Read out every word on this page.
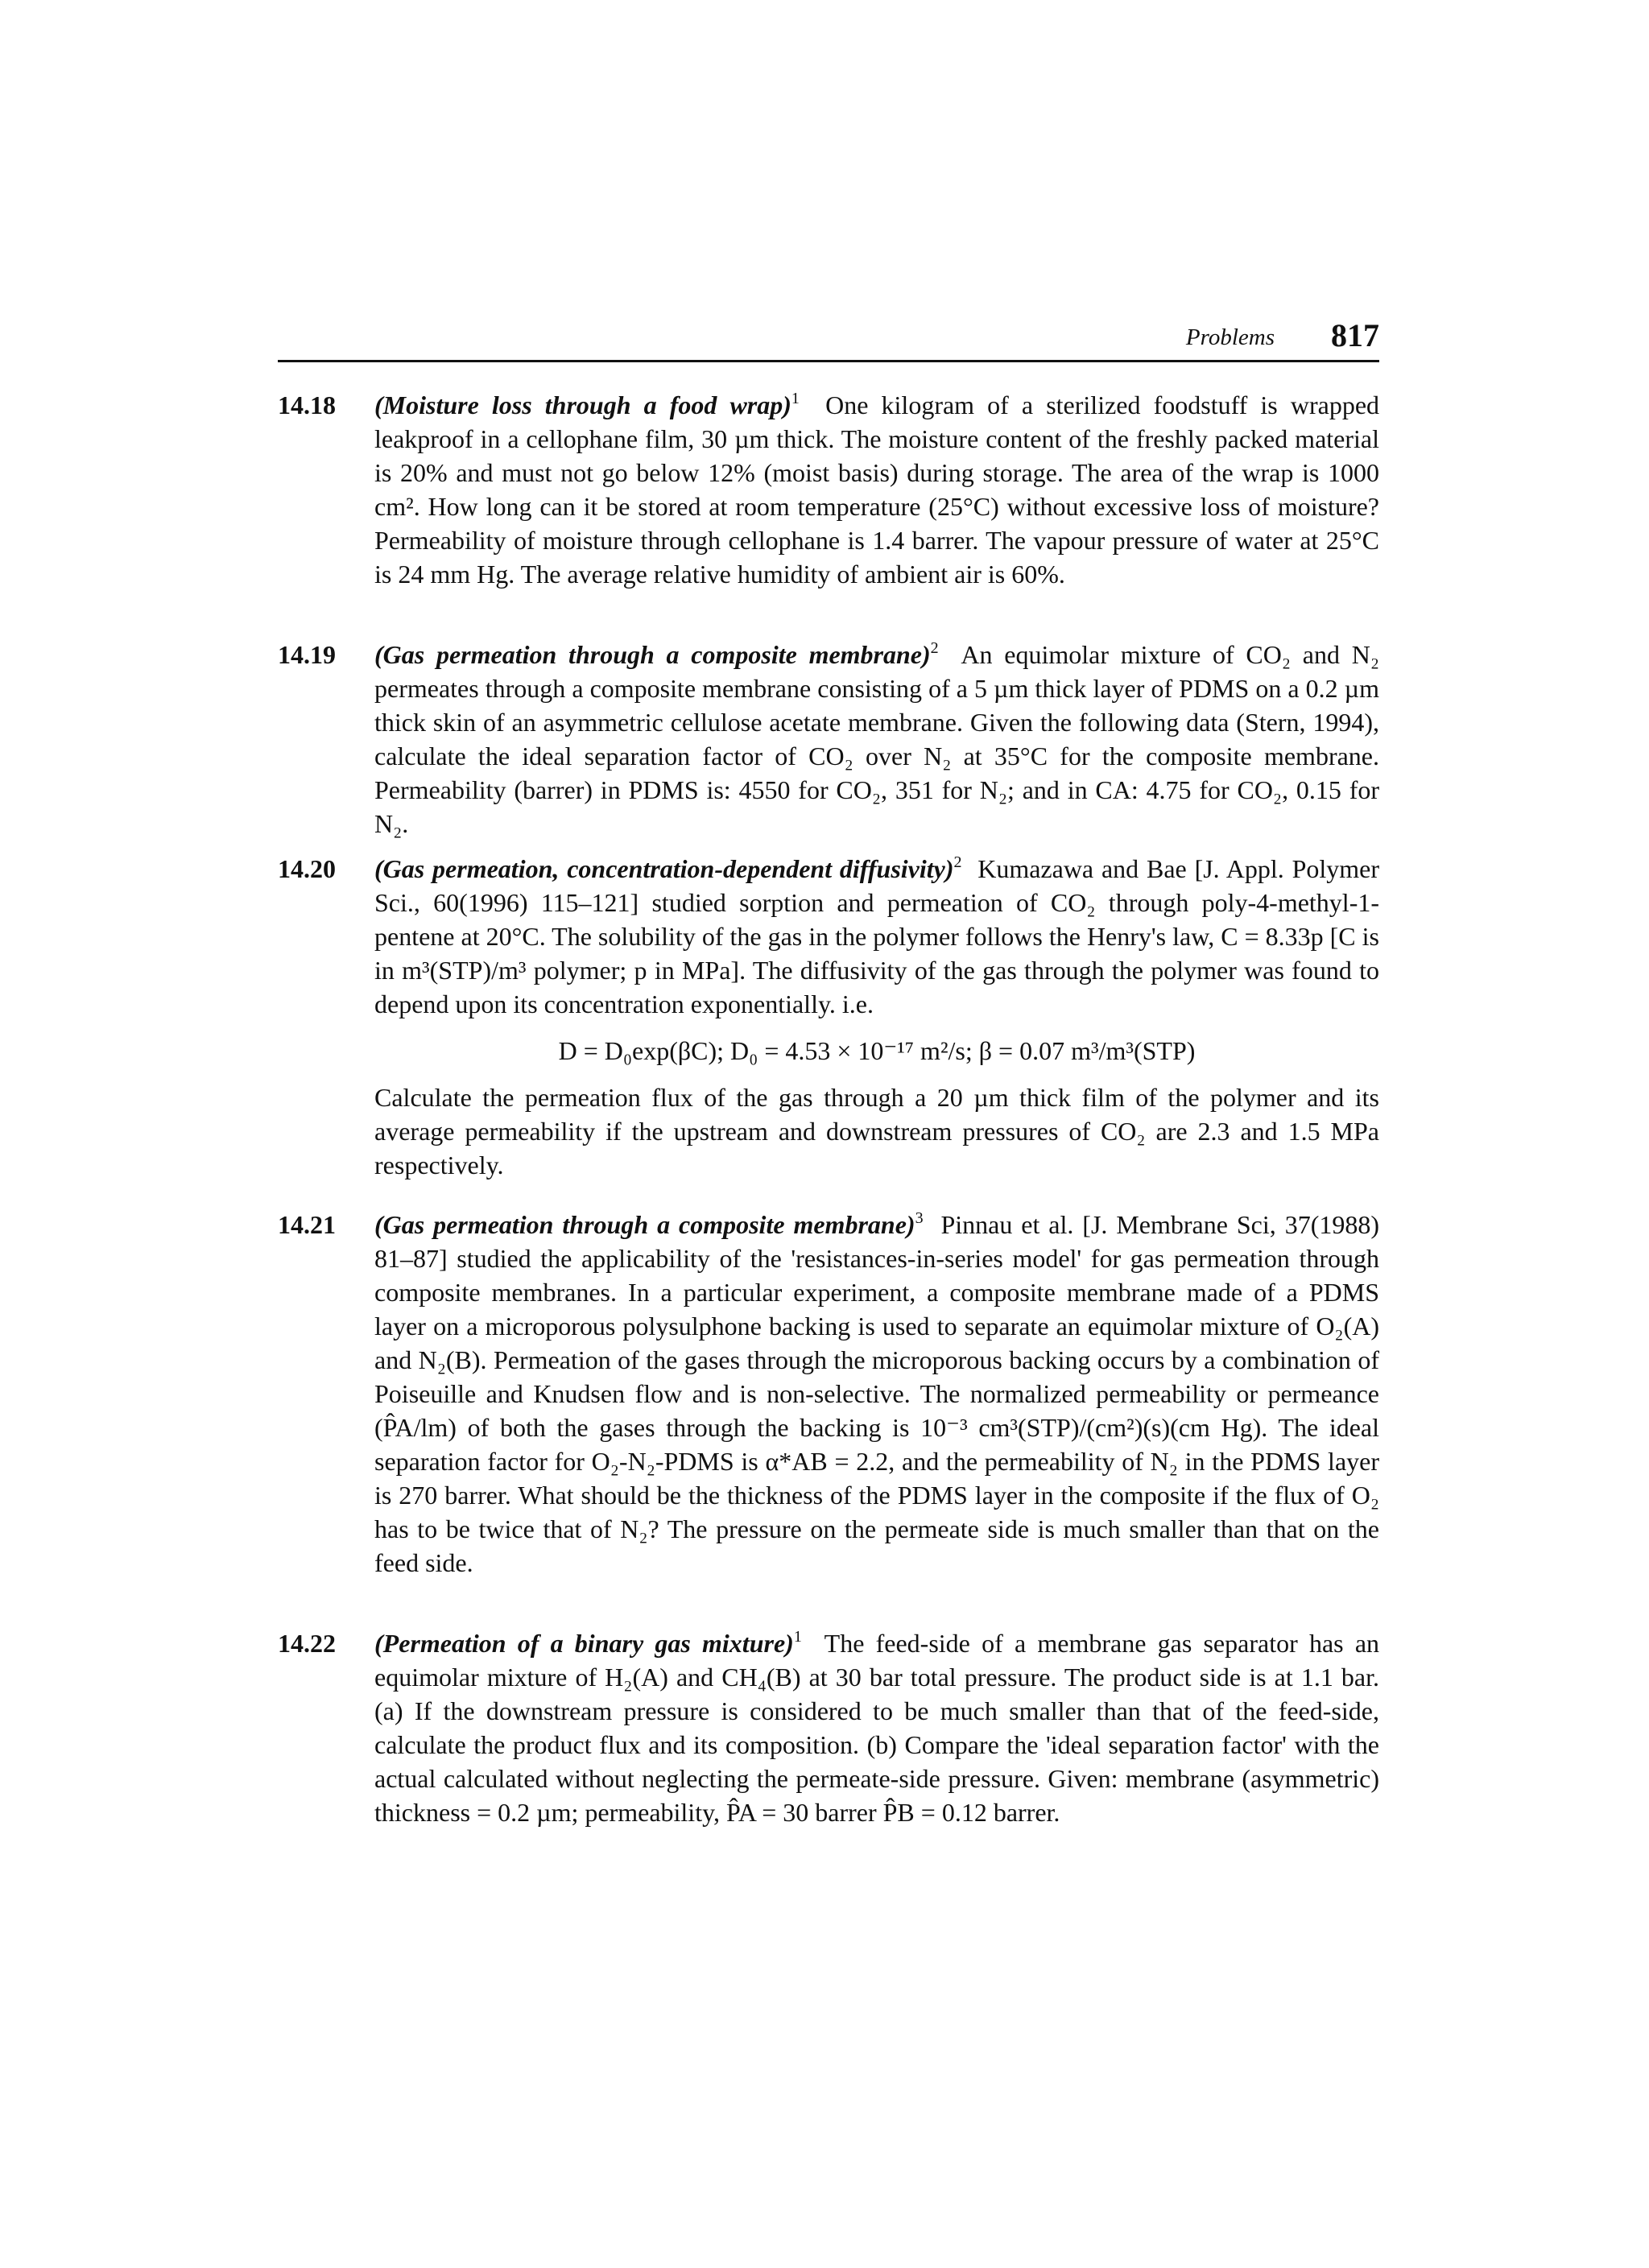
Problems 817
14.18 (Moisture loss through a food wrap)$^1$ One kilogram of a sterilized foodstuff is wrapped leakproof in a cellophane film, 30 µm thick. The moisture content of the freshly packed material is 20% and must not go below 12% (moist basis) during storage. The area of the wrap is 1000 cm². How long can it be stored at room temperature (25°C) without excessive loss of moisture? Permeability of moisture through cellophane is 1.4 barrer. The vapour pressure of water at 25°C is 24 mm Hg. The average relative humidity of ambient air is 60%.
14.19 (Gas permeation through a composite membrane)$^2$ An equimolar mixture of CO₂ and N₂ permeates through a composite membrane consisting of a 5 µm thick layer of PDMS on a 0.2 µm thick skin of an asymmetric cellulose acetate membrane. Given the following data (Stern, 1994), calculate the ideal separation factor of CO₂ over N₂ at 35°C for the composite membrane. Permeability (barrer) in PDMS is: 4550 for CO₂, 351 for N₂; and in CA: 4.75 for CO₂, 0.15 for N₂.
14.20 (Gas permeation, concentration-dependent diffusivity)$^2$ Kumazawa and Bae [J. Appl. Polymer Sci., 60(1996) 115–121] studied sorption and permeation of CO₂ through poly-4-methyl-1-pentene at 20°C. The solubility of the gas in the polymer follows the Henry's law, C = 8.33p [C is in m³(STP)/m³ polymer; p in MPa]. The diffusivity of the gas through the polymer was found to depend upon its concentration exponentially. i.e.
D = D₀exp(βC); D₀ = 4.53 × 10⁻¹⁷ m²/s; β = 0.07 m³/m³(STP)
Calculate the permeation flux of the gas through a 20 µm thick film of the polymer and its average permeability if the upstream and downstream pressures of CO₂ are 2.3 and 1.5 MPa respectively.
14.21 (Gas permeation through a composite membrane)$^3$ Pinnau et al. [J. Membrane Sci, 37(1988) 81–87] studied the applicability of the 'resistances-in-series model' for gas permeation through composite membranes. In a particular experiment, a composite membrane made of a PDMS layer on a microporous polysulphone backing is used to separate an equimolar mixture of O₂(A) and N₂(B). Permeation of the gases through the microporous backing occurs by a combination of Poiseuille and Knudsen flow and is non-selective. The normalized permeability or permeance (P̂A/lm) of both the gases through the backing is 10⁻³ cm³(STP)/(cm²)(s)(cm Hg). The ideal separation factor for O₂-N₂-PDMS is α*AB = 2.2, and the permeability of N₂ in the PDMS layer is 270 barrer. What should be the thickness of the PDMS layer in the composite if the flux of O₂ has to be twice that of N₂? The pressure on the permeate side is much smaller than that on the feed side.
14.22 (Permeation of a binary gas mixture)$^1$ The feed-side of a membrane gas separator has an equimolar mixture of H₂(A) and CH₄(B) at 30 bar total pressure. The product side is at 1.1 bar. (a) If the downstream pressure is considered to be much smaller than that of the feed-side, calculate the product flux and its composition. (b) Compare the 'ideal separation factor' with the actual calculated without neglecting the permeate-side pressure. Given: membrane (asymmetric) thickness = 0.2 µm; permeability, P̂A = 30 barrer P̂B = 0.12 barrer.
